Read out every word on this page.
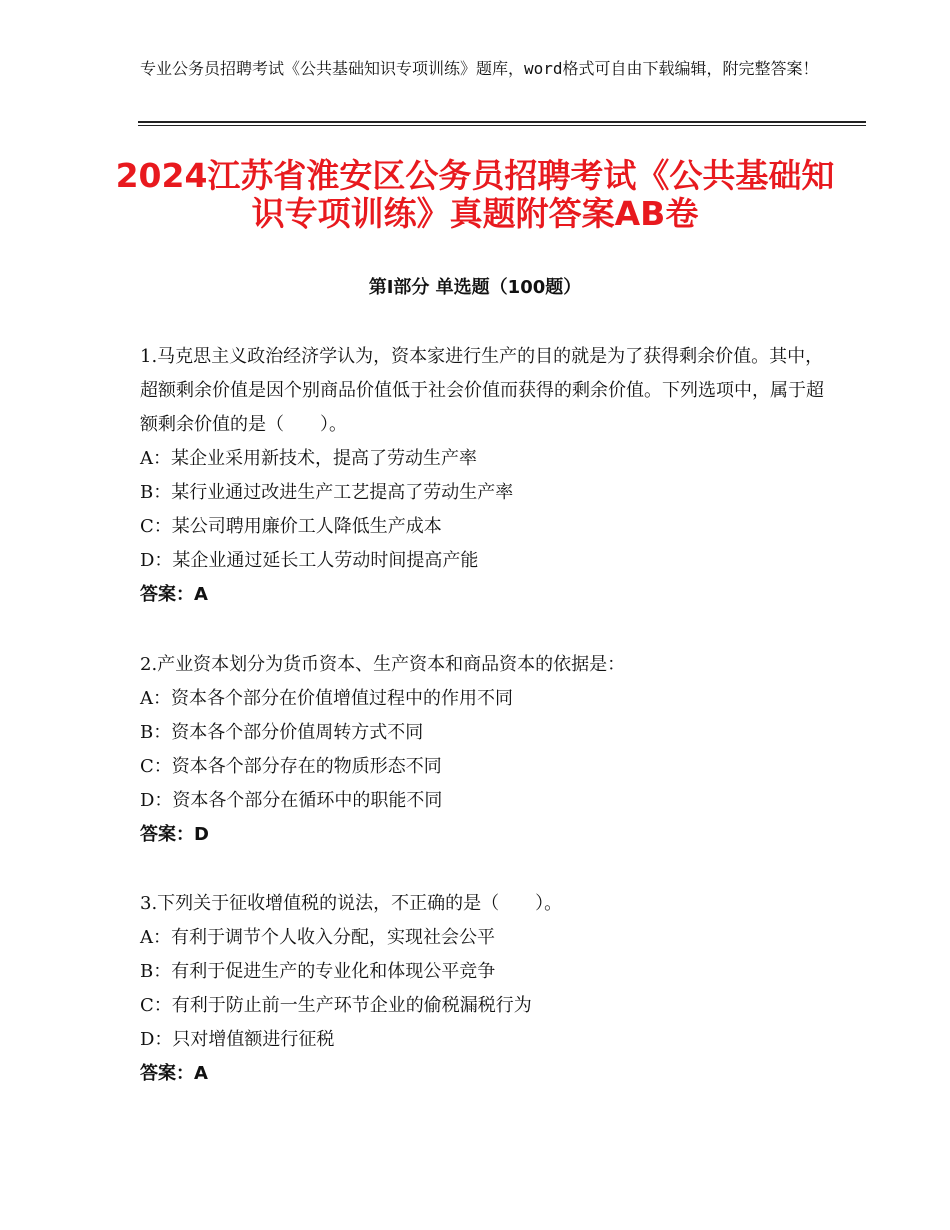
专业公务员招聘考试《公共基础知识专项训练》题库，word格式可自由下载编辑，附完整答案！
2024江苏省淮安区公务员招聘考试《公共基础知识专项训练》真题附答案AB卷
第Ⅰ部分 单选题（100题）
1.马克思主义政治经济学认为，资本家进行生产的目的就是为了获得剩余价值。其中，超额剩余价值是因个别商品价值低于社会价值而获得的剩余价值。下列选项中，属于超额剩余价值的是（　　）。
A：某企业采用新技术，提高了劳动生产率
B：某行业通过改进生产工艺提高了劳动生产率
C：某公司聘用廉价工人降低生产成本
D：某企业通过延长工人劳动时间提高产能
答案：A
2.产业资本划分为货币资本、生产资本和商品资本的依据是：
A：资本各个部分在价值增值过程中的作用不同
B：资本各个部分价值周转方式不同
C：资本各个部分存在的物质形态不同
D：资本各个部分在循环中的职能不同
答案：D
3.下列关于征收增值税的说法，不正确的是（　　）。
A：有利于调节个人收入分配，实现社会公平
B：有利于促进生产的专业化和体现公平竞争
C：有利于防止前一生产环节企业的偷税漏税行为
D：只对增值额进行征税
答案：A
